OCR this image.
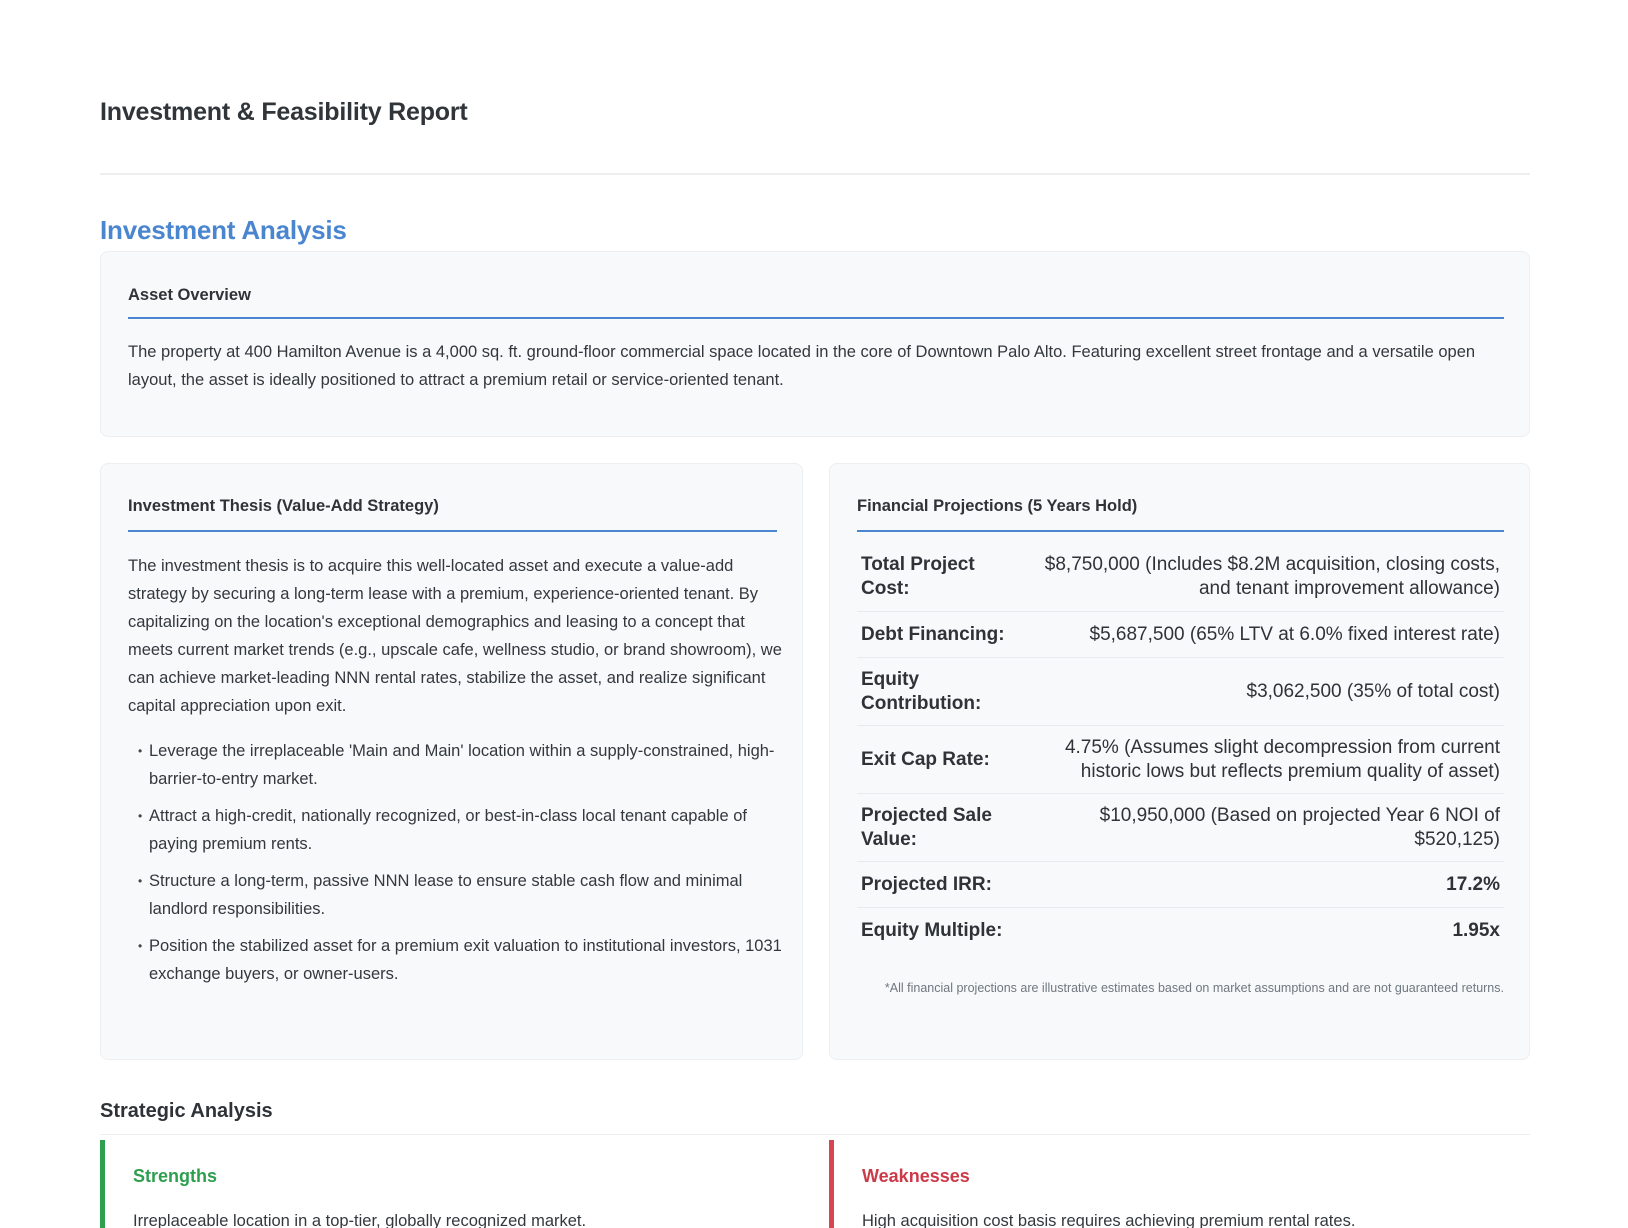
Investment & Feasibility Report
Investment Analysis
Asset Overview

The property at 400 Hamilton Avenue is a 4,000 sq. ft. ground-floor commercial space located in the core of Downtown Palo Alto. Featuring excellent street frontage and a versatile open layout, the asset is ideally positioned to attract a premium retail or service-oriented tenant.

Investment Thesis (Value-Add Strategy)

The investment thesis is to acquire this well-located asset and execute a value-add strategy by securing a long-term lease with a premium, experience-oriented tenant. By capitalizing on the location's exceptional demographics and leasing to a concept that meets current market trends (e.g., upscale cafe, wellness studio, or brand showroom), we can achieve market-leading NNN rental rates, stabilize the asset, and realize significant capital appreciation upon exit.

• Leverage the irreplaceable 'Main and Main' location within a supply-constrained, high-barrier-to-entry market.
• Attract a high-credit, nationally recognized, or best-in-class local tenant capable of paying premium rents.
• Structure a long-term, passive NNN lease to ensure stable cash flow and minimal landlord responsibilities.
• Position the stabilized asset for a premium exit valuation to institutional investors, 1031 exchange buyers, or owner-users.
Financial Projections (5 Years Hold)
Total Project Cost:
$8,750,000 (Includes $8.2M acquisition, closing costs, and tenant improvement allowance)
Debt Financing:	$5,687,500 (65% LTV at 6.0% fixed interest rate)
Equity Contribution:
$3,062,500 (35% of total cost)
Exit Cap Rate:
4.75% (Assumes slight decompression from current historic lows but reflects premium quality of asset)
Projected Sale Value:
$10,950,000 (Based on projected Year 6 NOI of $520,125)
Projected IRR:	17.2%
Equity Multiple:	1.95x

*All financial projections are illustrative estimates based on market assumptions and are not guaranteed returns.

Strategic Analysis
Strengths
Irreplaceable location in a top-tier, globally recognized market.
Weaknesses
High acquisition cost basis requires achieving premium rental rates.
